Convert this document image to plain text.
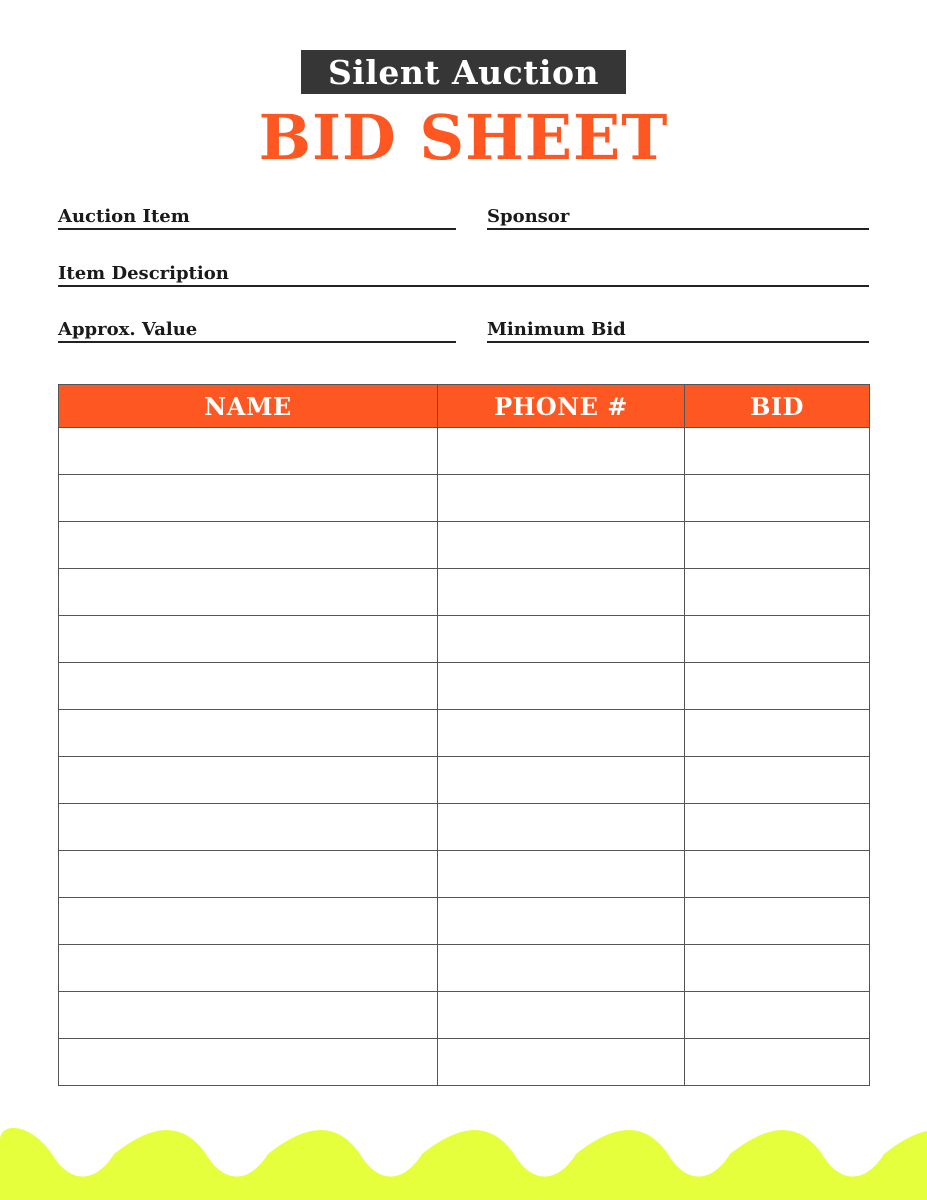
Silent Auction
BID SHEET
Auction Item	Sponsor
Item Description
Approx. Value	Minimum Bid
NAME	PHONE #	BID
